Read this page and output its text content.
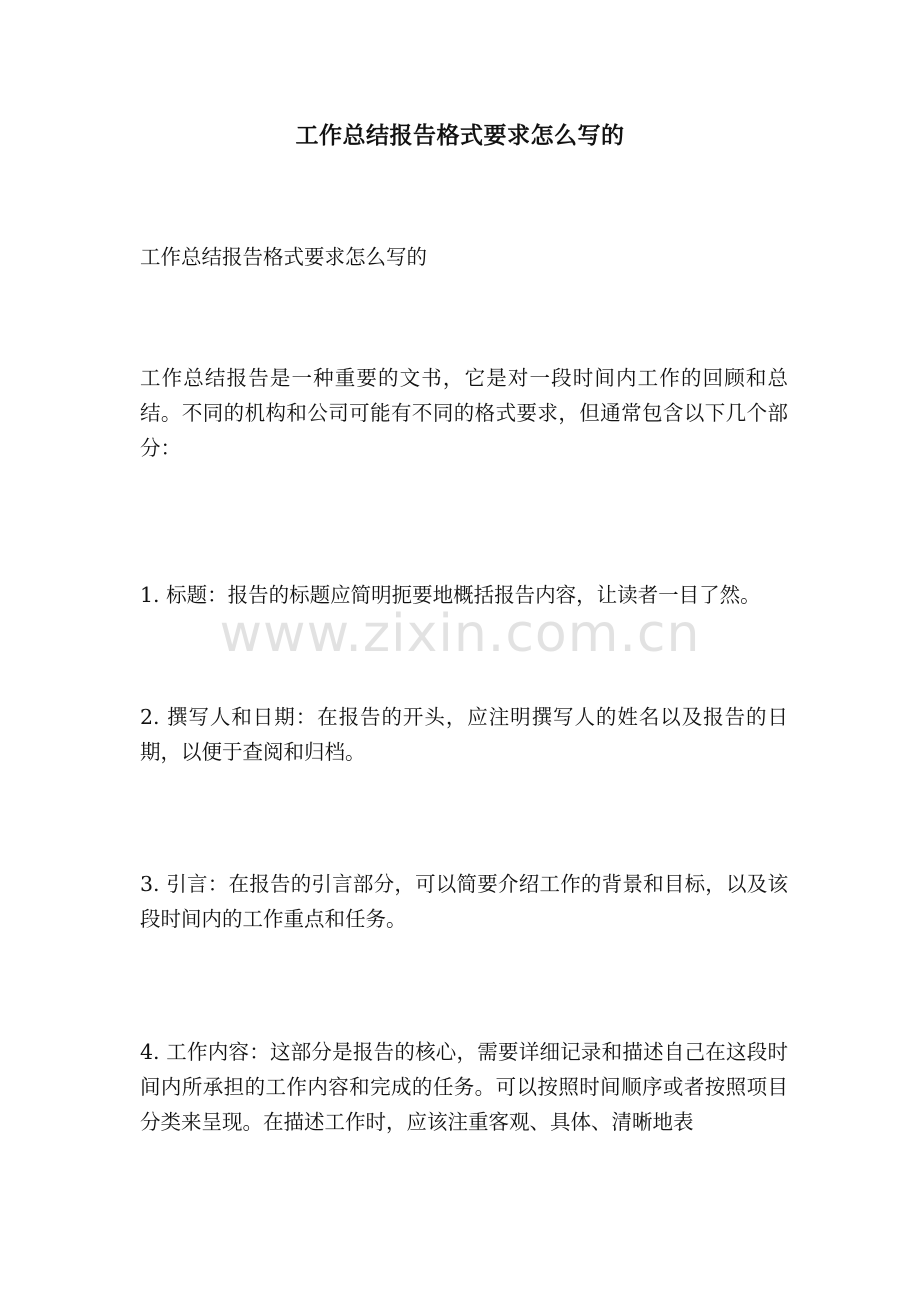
工作总结报告格式要求怎么写的

工作总结报告格式要求怎么写的

工作总结报告是一种重要的文书，它是对一段时间内工作的回顾和总结。不同的机构和公司可能有不同的格式要求，但通常包含以下几个部分：

1. 标题：报告的标题应简明扼要地概括报告内容，让读者一目了然。

www.zixin.com.cn

2. 撰写人和日期：在报告的开头，应注明撰写人的姓名以及报告的日期，以便于查阅和归档。

3. 引言：在报告的引言部分，可以简要介绍工作的背景和目标，以及该段时间内的工作重点和任务。

4. 工作内容：这部分是报告的核心，需要详细记录和描述自己在这段时间内所承担的工作内容和完成的任务。可以按照时间顺序或者按照项目分类来呈现。在描述工作时，应该注重客观、具体、清晰地表
